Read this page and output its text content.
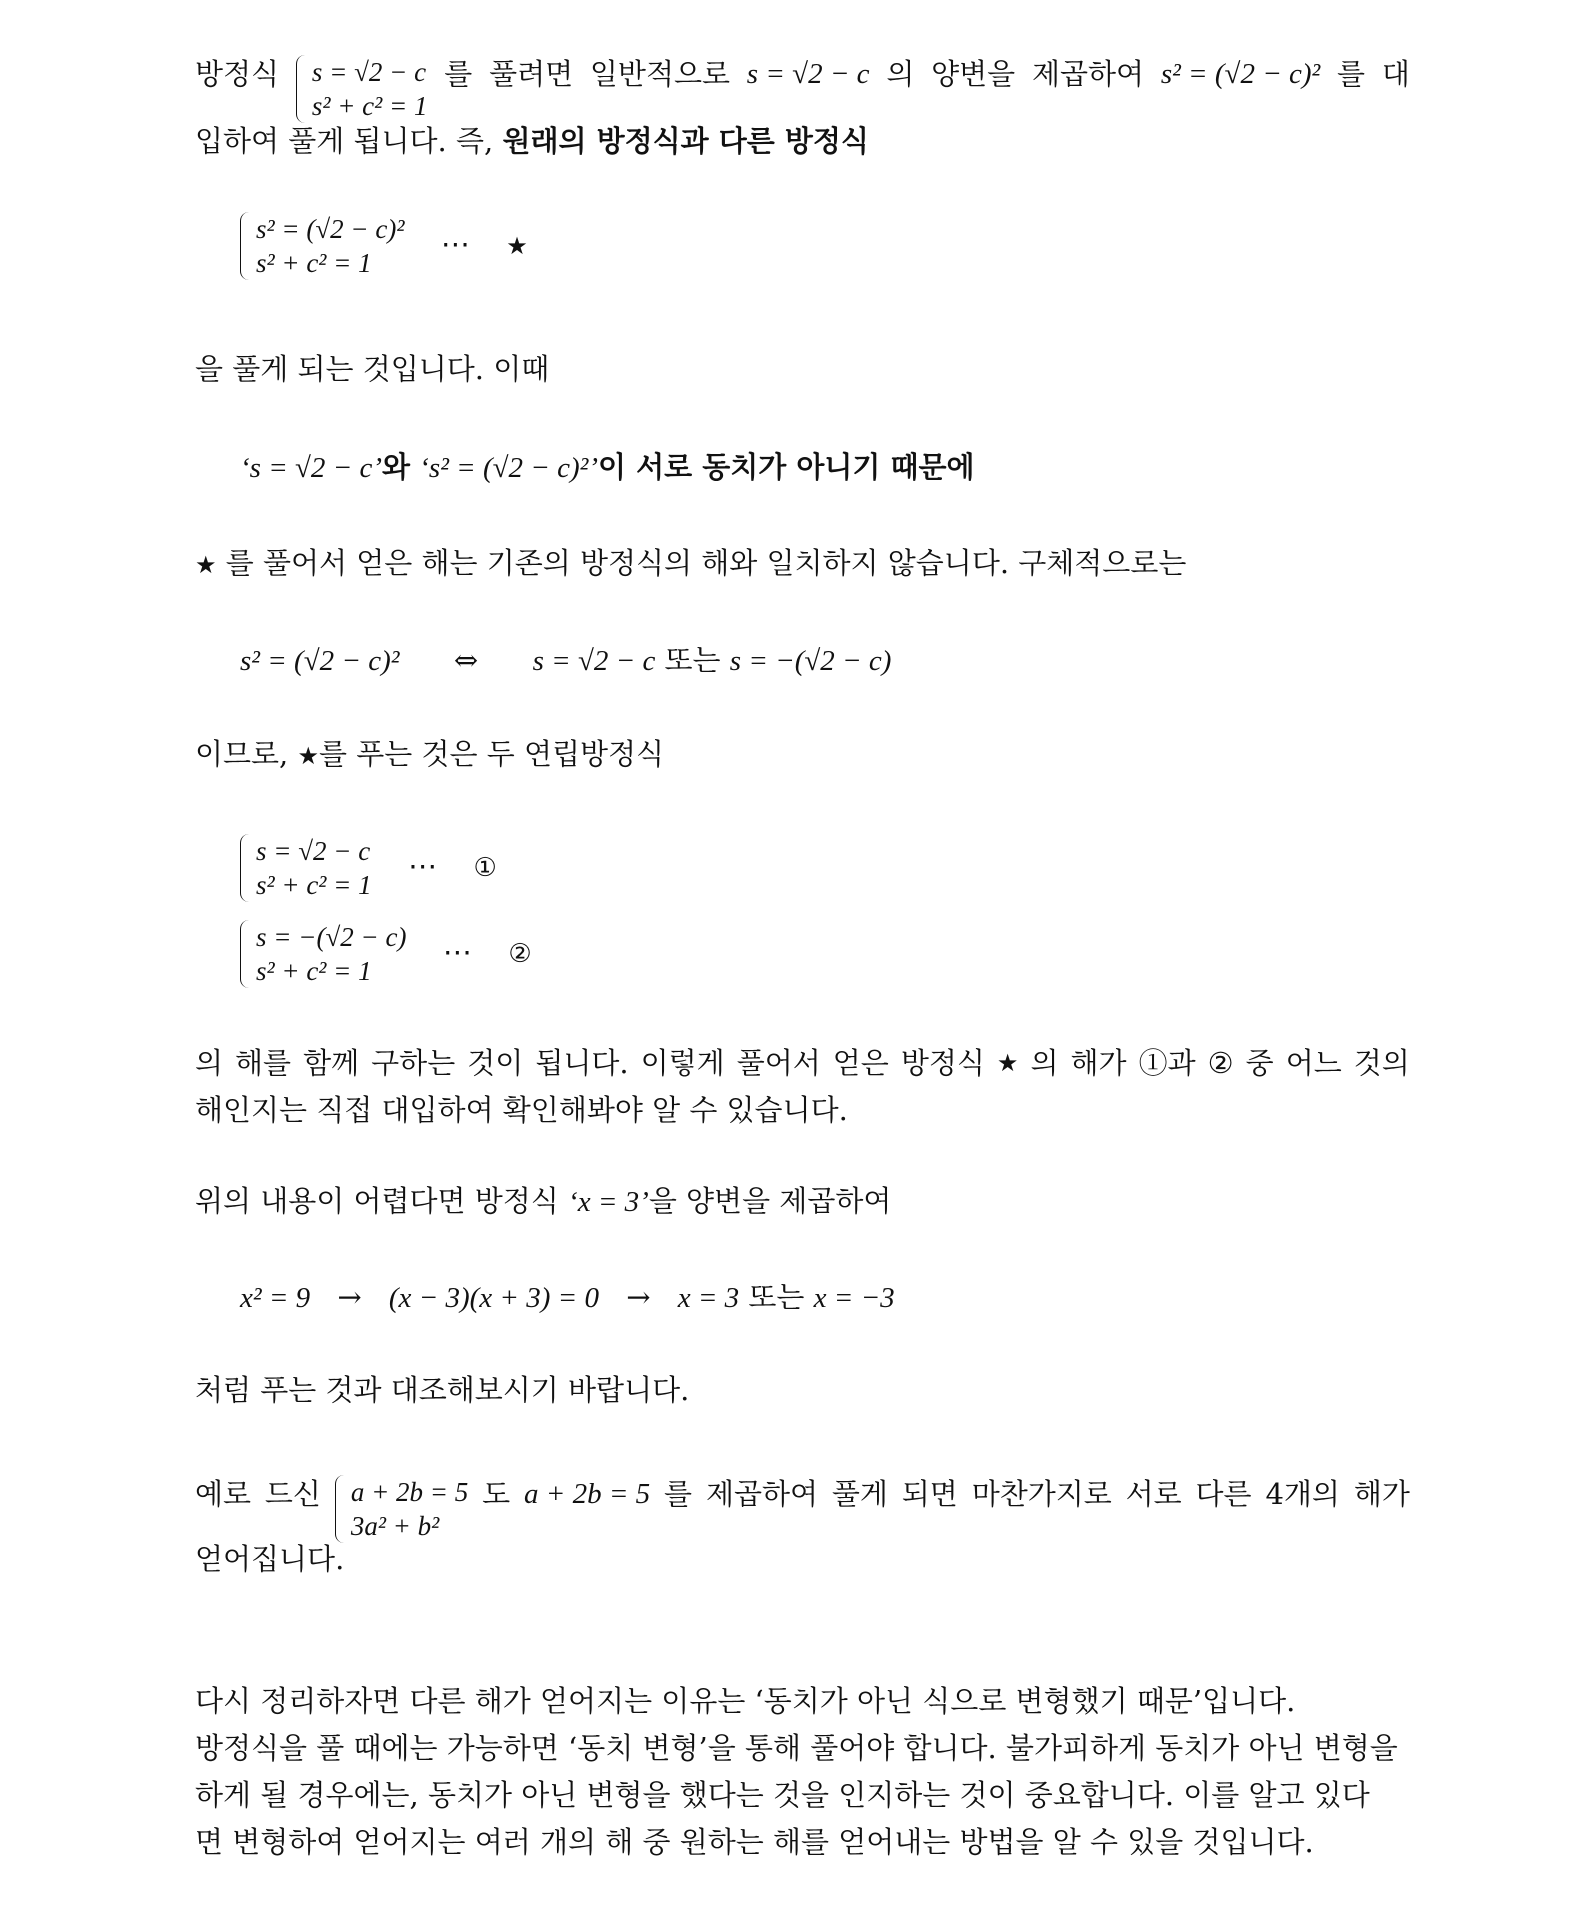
방정식 s = √2 − c
s² + c² = 1
를 풀려면 일반적으로 s = √2 − c 의 양변을 제곱하여 s² = (√2 − c)² 를 대
입하여 풀게 됩니다. 즉, 원래의 방정식과 다른 방정식
s² = (√2 − c)²
s² + c² = 1
⋯ ★
을 풀게 되는 것입니다. 이때
‘s = √2 − c’와 ‘s² = (√2 − c)²’이 서로 동치가 아니기 때문에
★ 를 풀어서 얻은 해는 기존의 방정식의 해와 일치하지 않습니다. 구체적으로는
s² = (√2 − c)² ⇔ s = √2 − c 또는 s = −(√2 − c)
이므로, ★를 푸는 것은 두 연립방정식
s = √2 − c
s² + c² = 1
⋯ ①
s = −(√2 − c)
s² + c² = 1
⋯ ②
의 해를 함께 구하는 것이 됩니다. 이렇게 풀어서 얻은 방정식 ★ 의 해가 ①과 ② 중 어느 것의
해인지는 직접 대입하여 확인해봐야 알 수 있습니다.
위의 내용이 어렵다면 방정식 ‘x = 3’을 양변을 제곱하여
x² = 9 → (x − 3)(x + 3) = 0 → x = 3 또는 x = −3
처럼 푸는 것과 대조해보시기 바랍니다.
예로 드신 a + 2b = 5
3a² + b²
도 a + 2b = 5 를 제곱하여 풀게 되면 마찬가지로 서로 다른 4개의 해가
얻어집니다.
다시 정리하자면 다른 해가 얻어지는 이유는 ‘동치가 아닌 식으로 변형했기 때문’입니다.
방정식을 풀 때에는 가능하면 ‘동치 변형’을 통해 풀어야 합니다. 불가피하게 동치가 아닌 변형을
하게 될 경우에는, 동치가 아닌 변형을 했다는 것을 인지하는 것이 중요합니다. 이를 알고 있다
면 변형하여 얻어지는 여러 개의 해 중 원하는 해를 얻어내는 방법을 알 수 있을 것입니다.
